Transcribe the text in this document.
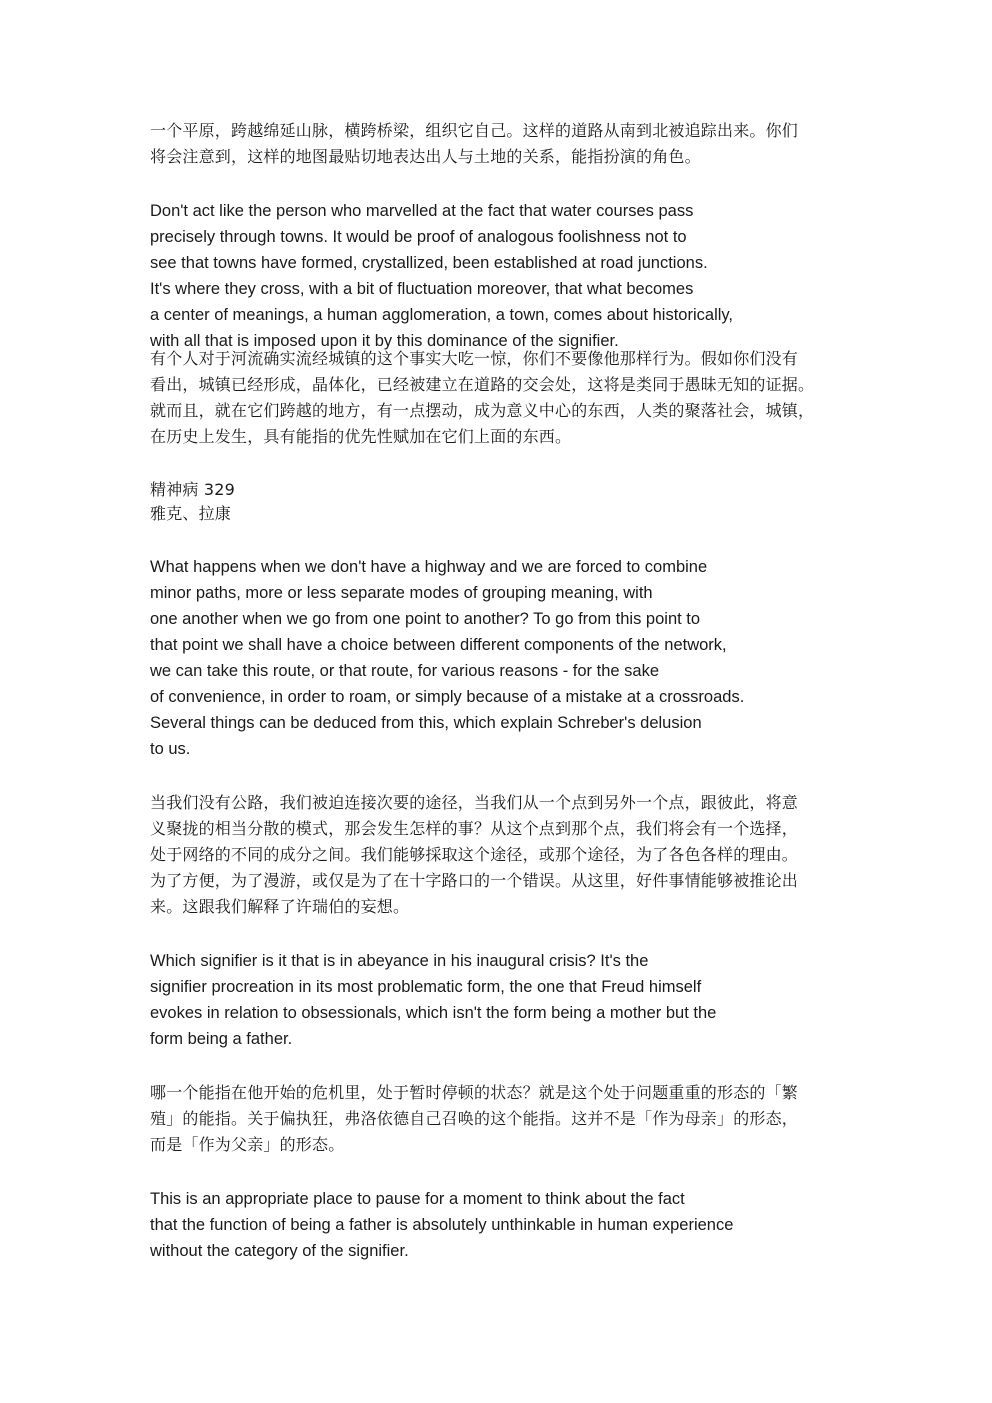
一个平原，跨越绵延山脉，横跨桥梁，组织它自己。这样的道路从南到北被追踪出来。你们
将会注意到，这样的地图最贴切地表达出人与土地的关系，能指扮演的角色。
Don't act like the person who marvelled at the fact that water courses pass
precisely through towns. It would be proof of analogous foolishness not to
see that towns have formed, crystallized, been established at road junctions.
It's where they cross, with a bit of fluctuation moreover, that what becomes
a center of meanings, a human agglomeration, a town, comes about historically,
with all that is imposed upon it by this dominance of the signifier.
有个人对于河流确实流经城镇的这个事实大吃一惊，你们不要像他那样行为。假如你们没有
看出，城镇已经形成，晶体化，已经被建立在道路的交会处，这将是类同于愚昧无知的证据。
就而且，就在它们跨越的地方，有一点摆动，成为意义中心的东西，人类的聚落社会，城镇，
在历史上发生，具有能指的优先性赋加在它们上面的东西。
精神病 329
雅克、拉康
What happens when we don't have a highway and we are forced to combine
minor paths, more or less separate modes of grouping meaning, with
one another when we go from one point to another? To go from this point to
that point we shall have a choice between different components of the network,
we can take this route, or that route, for various reasons - for the sake
of convenience, in order to roam, or simply because of a mistake at a crossroads.
Several things can be deduced from this, which explain Schreber's delusion
to us.
当我们没有公路，我们被迫连接次要的途径，当我们从一个点到另外一个点，跟彼此，将意
义聚拢的相当分散的模式，那会发生怎样的事？从这个点到那个点，我们将会有一个选择，
处于网络的不同的成分之间。我们能够採取这个途径，或那个途径，为了各色各样的理由。
为了方便，为了漫游，或仅是为了在十字路口的一个错误。从这里，好件事情能够被推论出
来。这跟我们解释了许瑞伯的妄想。
Which signifier is it that is in abeyance in his inaugural crisis? It's the
signifier procreation in its most problematic form, the one that Freud himself
evokes in relation to obsessionals, which isn't the form being a mother but the
form being a father.
哪一个能指在他开始的危机里，处于暂时停顿的状态？就是这个处于问题重重的形态的「繁
殖」的能指。关于偏执狂，弗洛依德自己召唤的这个能指。这并不是「作为母亲」的形态，
而是「作为父亲」的形态。
This is an appropriate place to pause for a moment to think about the fact
that the function of being a father is absolutely unthinkable in human experience
without the category of the signifier.
